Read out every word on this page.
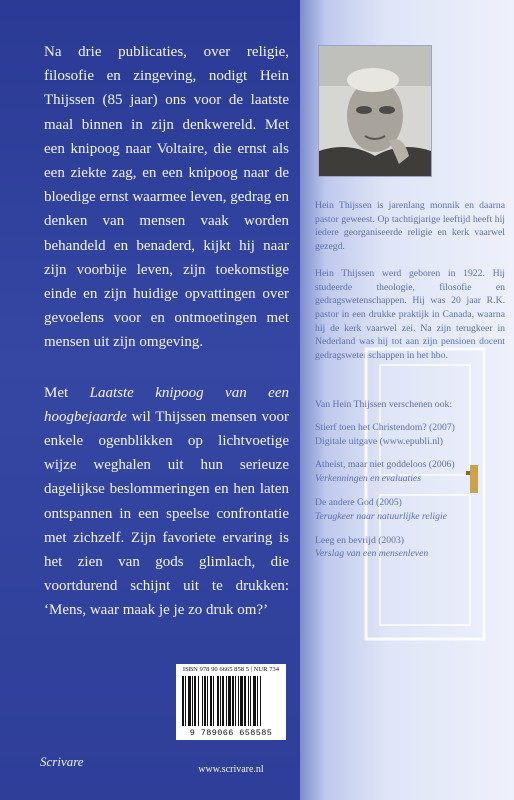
Na drie publicaties, over religie, filosofie en zingeving, nodigt Hein Thijssen (85 jaar) ons voor de laatste maal binnen in zijn denkwereld. Met een knipoog naar Voltaire, die ernst als een ziekte zag, en een knipoog naar de bloedige ernst waarmee leven, gedrag en denken van mensen vaak worden behandeld en benaderd, kijkt hij naar zijn voorbije leven, zijn toekomstige einde en zijn huidige opvattingen over gevoelens voor en ontmoetingen met mensen uit zijn omgeving.

Met Laatste knipoog van een hoogbejaarde wil Thijssen mensen voor enkele ogenblikken op lichtvoetige wijze weghalen uit hun serieuze dagelijkse beslommeringen en hen laten ontspannen in een speelse confrontatie met zichzelf. Zijn favoriete ervaring is het zien van gods glimlach, die voortdurend schijnt uit te drukken: ‘Mens, waar maak je je zo druk om?’

Scrivare

Hein Thijssen is jarenlang monnik en daarna pastor geweest. Op tachtigjarige leeftijd heeft hij iedere georganiseerde religie en kerk vaarwel gezegd.

Hein Thijssen werd geboren in 1922. Hij studeerde theologie, filosofie en gedragswetenschappen. Hij was 20 jaar R.K. pastor in een drukke praktijk in Canada, waarna hij de kerk vaarwel zei. Na zijn terugkeer in Nederland was hij tot aan zijn pensioen docent gedragswetenschappen in het hbo.

Van Hein Thijssen verschenen ook:
Stierf toen het Christendom? (2007)
Digitale uitgave (www.epubli.nl)
Atheist, maar niet goddeloos (2006)
Verkenningen en evaluaties
De andere God (2005)
Terugkeer naar natuurlijke religie
Leeg en bevrijd (2003)
Verslag van een mensenleven
ISBN 978 90 6665 858 5 | NUR 734
9 789066 658585
www.scrivare.nl
